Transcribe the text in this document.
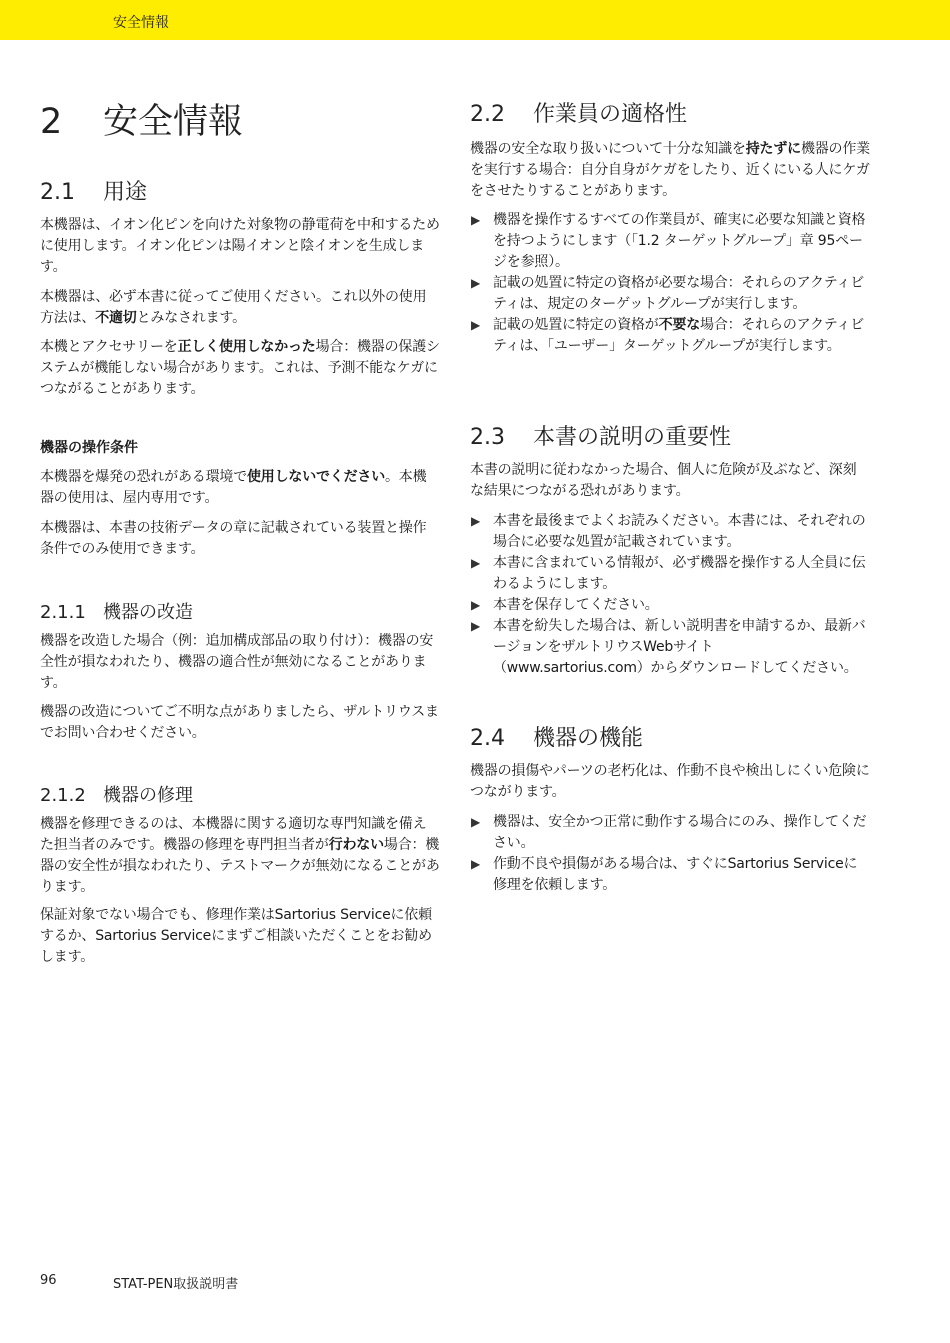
安全情報
2 安全情報
2.1 用途

本機器は、イオン化ピンを向けた対象物の静電荷を中和するために使用します。イオン化ピンは陽イオンと陰イオンを生成します。

本機器は、必ず本書に従ってご使用ください。これ以外の使用方法は、不適切とみなされます。

本機とアクセサリーを正しく使用しなかった場合：機器の保護システムが機能しない場合があります。これは、予測不能なケガにつながることがあります。

機器の操作条件

本機器を爆発の恐れがある環境で使用しないでください。本機器の使用は、屋内専用です。

本機器は、本書の技術データの章に記載されている装置と操作条件でのみ使用できます。

2.1.1 機器の改造

機器を改造した場合（例：追加構成部品の取り付け）：機器の安全性が損なわれたり、機器の適合性が無効になることがあります。

機器の改造についてご不明な点がありましたら、ザルトリウスまでお問い合わせください。

2.1.2 機器の修理

機器を修理できるのは、本機器に関する適切な専門知識を備えた担当者のみです。機器の修理を専門担当者が行わない場合：機器の安全性が損なわれたり、テストマークが無効になることがあります。

保証対象でない場合でも、修理作業はSartorius Serviceに依頼するか、Sartorius Serviceにまずご相談いただくことをお勧めします。

2.2 作業員の適格性

機器の安全な取り扱いについて十分な知識を持たずに機器の作業を実行する場合：自分自身がケガをしたり、近くにいる人にケガをさせたりすることがあります。

▶ 機器を操作するすべての作業員が、確実に必要な知識と資格を持つようにします（「1.2 ターゲットグループ」章 95ページを参照）。
▶ 記載の処置に特定の資格が必要な場合：それらのアクティビティは、規定のターゲットグループが実行します。
▶ 記載の処置に特定の資格が不要な場合：それらのアクティビティは、「ユーザー」ターゲットグループが実行します。
2.3 本書の説明の重要性

本書の説明に従わなかった場合、個人に危険が及ぶなど、深刻な結果につながる恐れがあります。

▶ 本書を最後までよくお読みください。本書には、それぞれの場合に必要な処置が記載されています。
▶ 本書に含まれている情報が、必ず機器を操作する人全員に伝わるようにします。
▶ 本書を保存してください。
▶ 本書を紛失した場合は、新しい説明書を申請するか、最新バージョンをザルトリウスWebサイト
（www.sartorius.com）からダウンロードしてください。
2.4 機器の機能

機器の損傷やパーツの老朽化は、作動不良や検出しにくい危険につながります。

▶ 機器は、安全かつ正常に動作する場合にのみ、操作してください。
▶ 作動不良や損傷がある場合は、すぐにSartorius Serviceに修理を依頼します。
96	STAT-PEN取扱説明書
